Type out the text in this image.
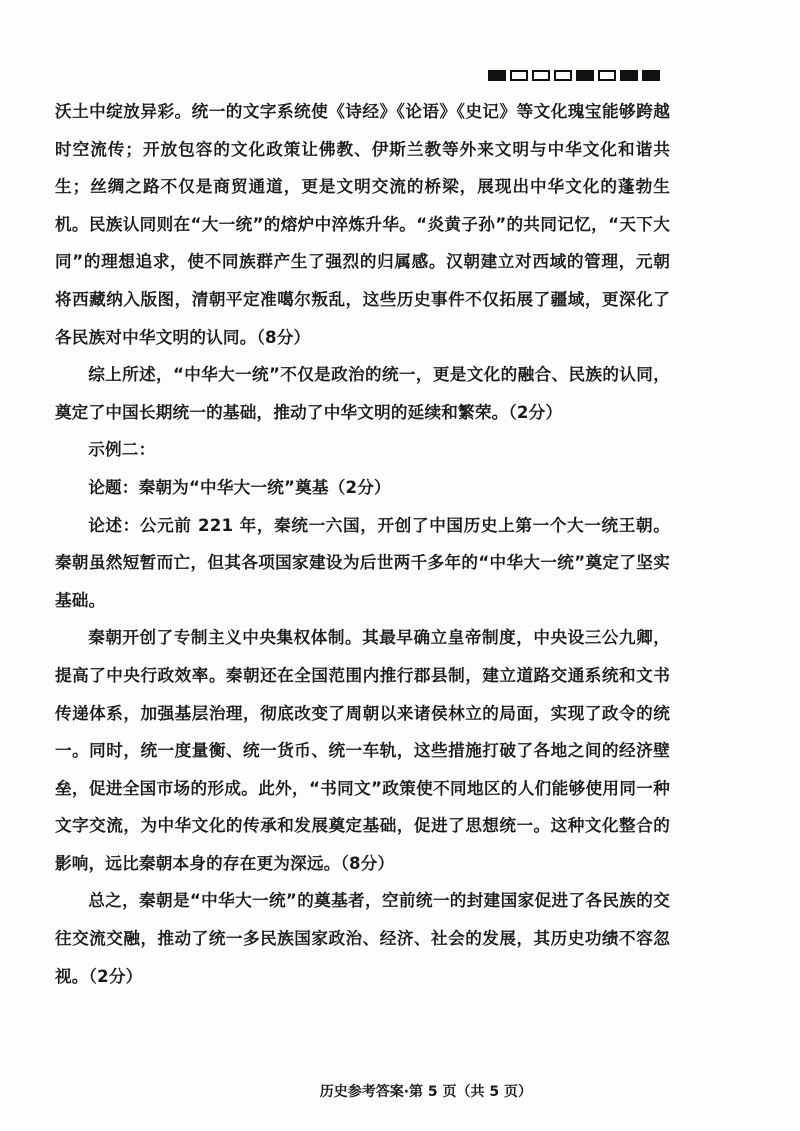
沃土中绽放异彩。统一的文字系统使《诗经》《论语》《史记》等文化瑰宝能够跨越时空流传；开放包容的文化政策让佛教、伊斯兰教等外来文明与中华文化和谐共生；丝绸之路不仅是商贸通道，更是文明交流的桥梁，展现出中华文化的蓬勃生机。民族认同则在“大一统”的熔炉中淬炼升华。“炎黄子孙”的共同记忆，“天下大同”的理想追求，使不同族群产生了强烈的归属感。汉朝建立对西域的管理，元朝将西藏纳入版图，清朝平定准噶尔叛乱，这些历史事件不仅拓展了疆域，更深化了各民族对中华文明的认同。（8分）

综上所述，“中华大一统”不仅是政治的统一，更是文化的融合、民族的认同，奠定了中国长期统一的基础，推动了中华文明的延续和繁荣。（2分）

示例二：

论题：秦朝为“中华大一统”奠基（2分）

论述：公元前 221 年，秦统一六国，开创了中国历史上第一个大一统王朝。秦朝虽然短暂而亡，但其各项国家建设为后世两千多年的“中华大一统”奠定了坚实基础。

秦朝开创了专制主义中央集权体制。其最早确立皇帝制度，中央设三公九卿，提高了中央行政效率。秦朝还在全国范围内推行郡县制，建立道路交通系统和文书传递体系，加强基层治理，彻底改变了周朝以来诸侯林立的局面，实现了政令的统一。同时，统一度量衡、统一货币、统一车轨，这些措施打破了各地之间的经济壁垒，促进全国市场的形成。此外，“书同文”政策使不同地区的人们能够使用同一种文字交流，为中华文化的传承和发展奠定基础，促进了思想统一。这种文化整合的影响，远比秦朝本身的存在更为深远。（8分）

总之，秦朝是“中华大一统”的奠基者，空前统一的封建国家促进了各民族的交往交流交融，推动了统一多民族国家政治、经济、社会的发展，其历史功绩不容忽视。（2分）

历史参考答案·第 5 页（共 5 页）
